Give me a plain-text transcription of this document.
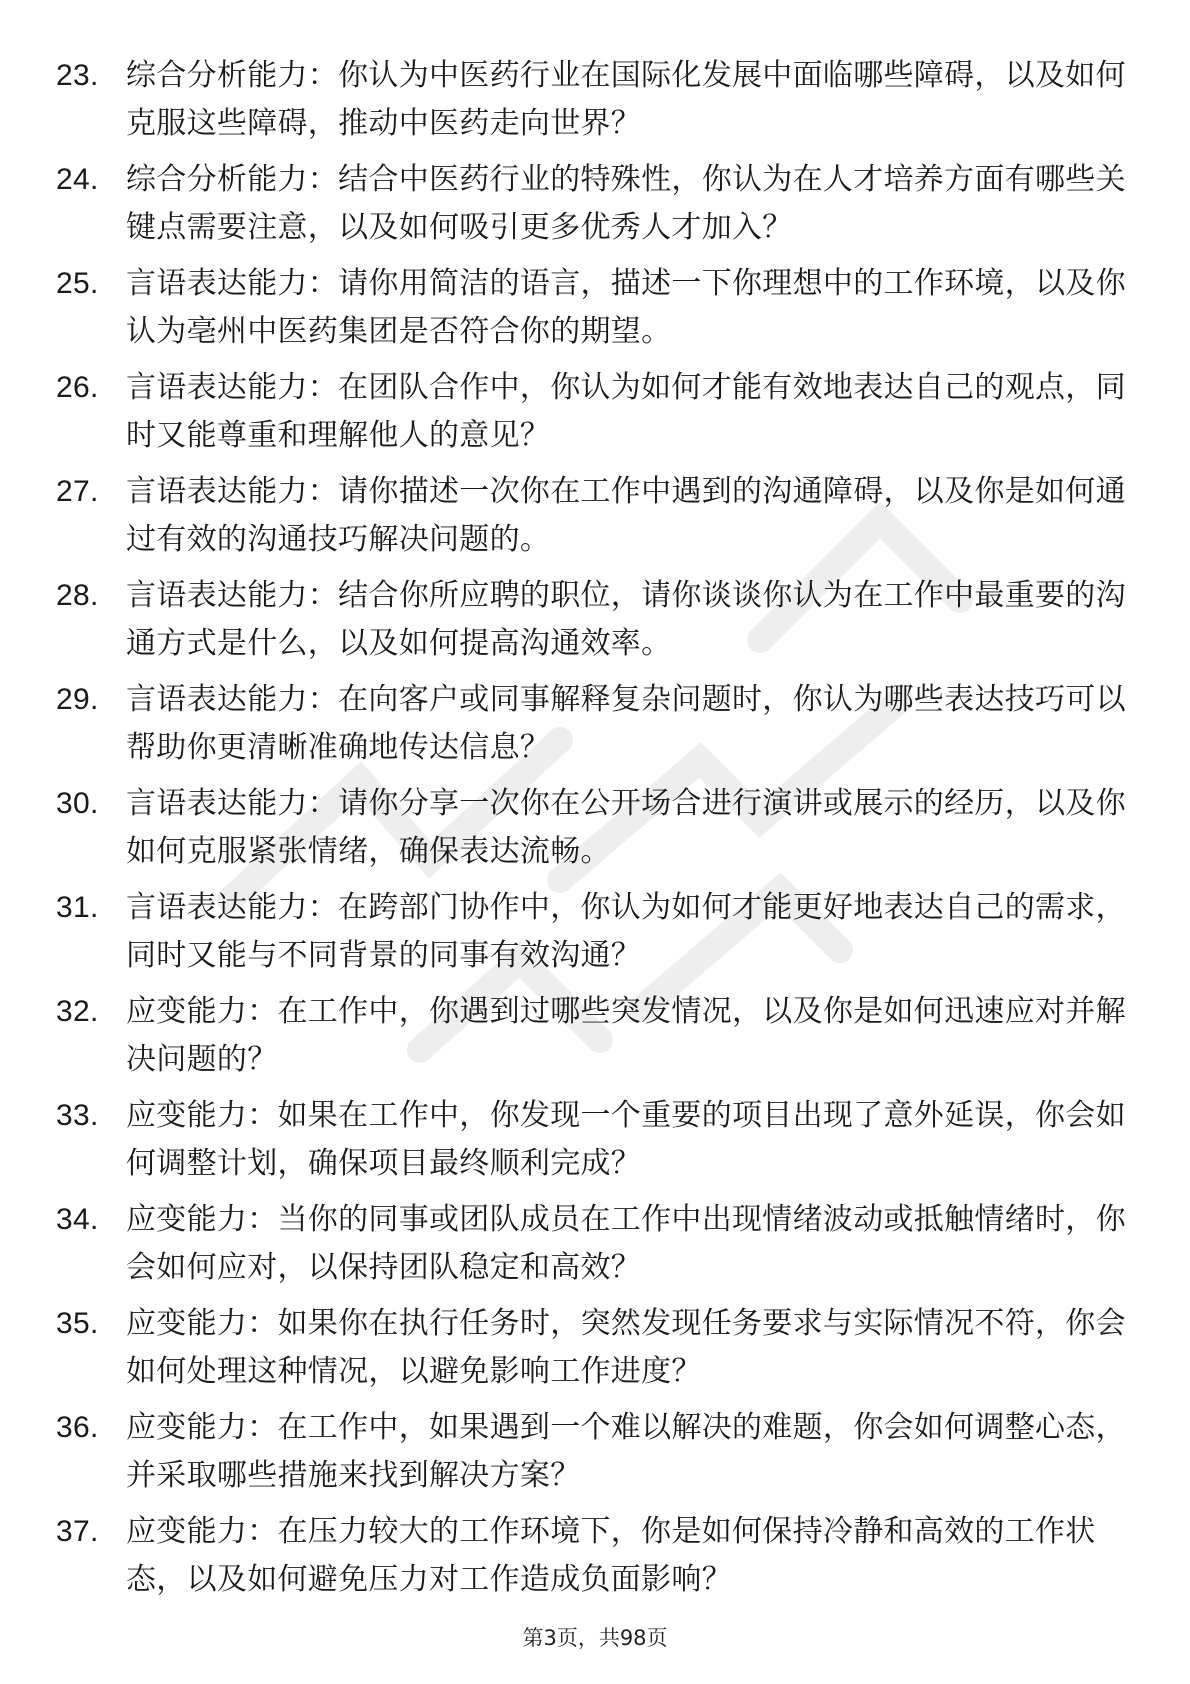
23. 综合分析能力：你认为中医药行业在国际化发展中面临哪些障碍，以及如何克服这些障碍，推动中医药走向世界？
24. 综合分析能力：结合中医药行业的特殊性，你认为在人才培养方面有哪些关键点需要注意，以及如何吸引更多优秀人才加入？
25. 言语表达能力：请你用简洁的语言，描述一下你理想中的工作环境，以及你认为亳州中医药集团是否符合你的期望。
26. 言语表达能力：在团队合作中，你认为如何才能有效地表达自己的观点，同时又能尊重和理解他人的意见？
27. 言语表达能力：请你描述一次你在工作中遇到的沟通障碍，以及你是如何通过有效的沟通技巧解决问题的。
28. 言语表达能力：结合你所应聘的职位，请你谈谈你认为在工作中最重要的沟通方式是什么，以及如何提高沟通效率。
29. 言语表达能力：在向客户或同事解释复杂问题时，你认为哪些表达技巧可以帮助你更清晰准确地传达信息？
30. 言语表达能力：请你分享一次你在公开场合进行演讲或展示的经历，以及你如何克服紧张情绪，确保表达流畅。
31. 言语表达能力：在跨部门协作中，你认为如何才能更好地表达自己的需求，同时又能与不同背景的同事有效沟通？
32. 应变能力：在工作中，你遇到过哪些突发情况，以及你是如何迅速应对并解决问题的？
33. 应变能力：如果在工作中，你发现一个重要的项目出现了意外延误，你会如何调整计划，确保项目最终顺利完成？
34. 应变能力：当你的同事或团队成员在工作中出现情绪波动或抵触情绪时，你会如何应对，以保持团队稳定和高效？
35. 应变能力：如果你在执行任务时，突然发现任务要求与实际情况不符，你会如何处理这种情况，以避免影响工作进度？
36. 应变能力：在工作中，如果遇到一个难以解决的难题，你会如何调整心态，并采取哪些措施来找到解决方案？
37. 应变能力：在压力较大的工作环境下，你是如何保持冷静和高效的工作状态，以及如何避免压力对工作造成负面影响？
第3页，共98页
